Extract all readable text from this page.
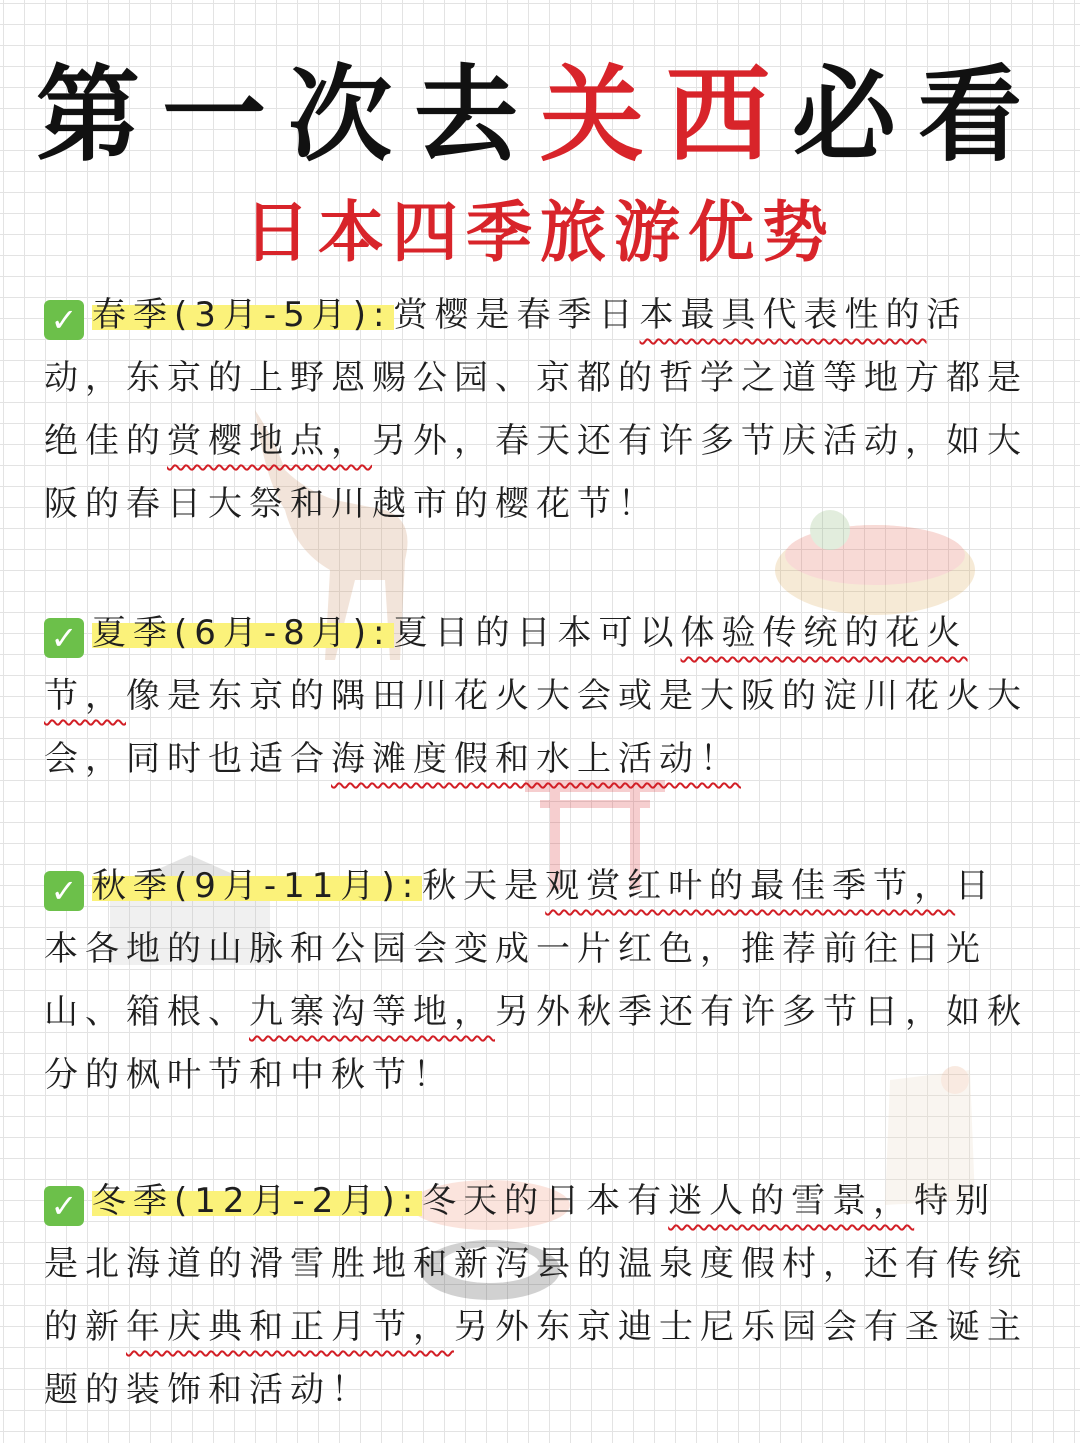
第一次去关西必看
日本四季旅游优势

✓ 春季(3月-5月):赏樱是春季日本最具代表性的活动，东京的上野恩赐公园、京都的哲学之道等地方都是绝佳的赏樱地点，另外，春天还有许多节庆活动，如大阪的春日大祭和川越市的樱花节！

✓ 夏季(6月-8月):夏日的日本可以体验传统的花火节，像是东京的隅田川花火大会或是大阪的淀川花火大会，同时也适合海滩度假和水上活动！

✓ 秋季(9月-11月):秋天是观赏红叶的最佳季节，日本各地的山脉和公园会变成一片红色，推荐前往日光山、箱根、九寨沟等地，另外秋季还有许多节日，如秋分的枫叶节和中秋节！

✓ 冬季(12月-2月):冬天的日本有迷人的雪景，特别是北海道的滑雪胜地和新泻县的温泉度假村，还有传统的新年庆典和正月节，另外东京迪士尼乐园会有圣诞主题的装饰和活动！
